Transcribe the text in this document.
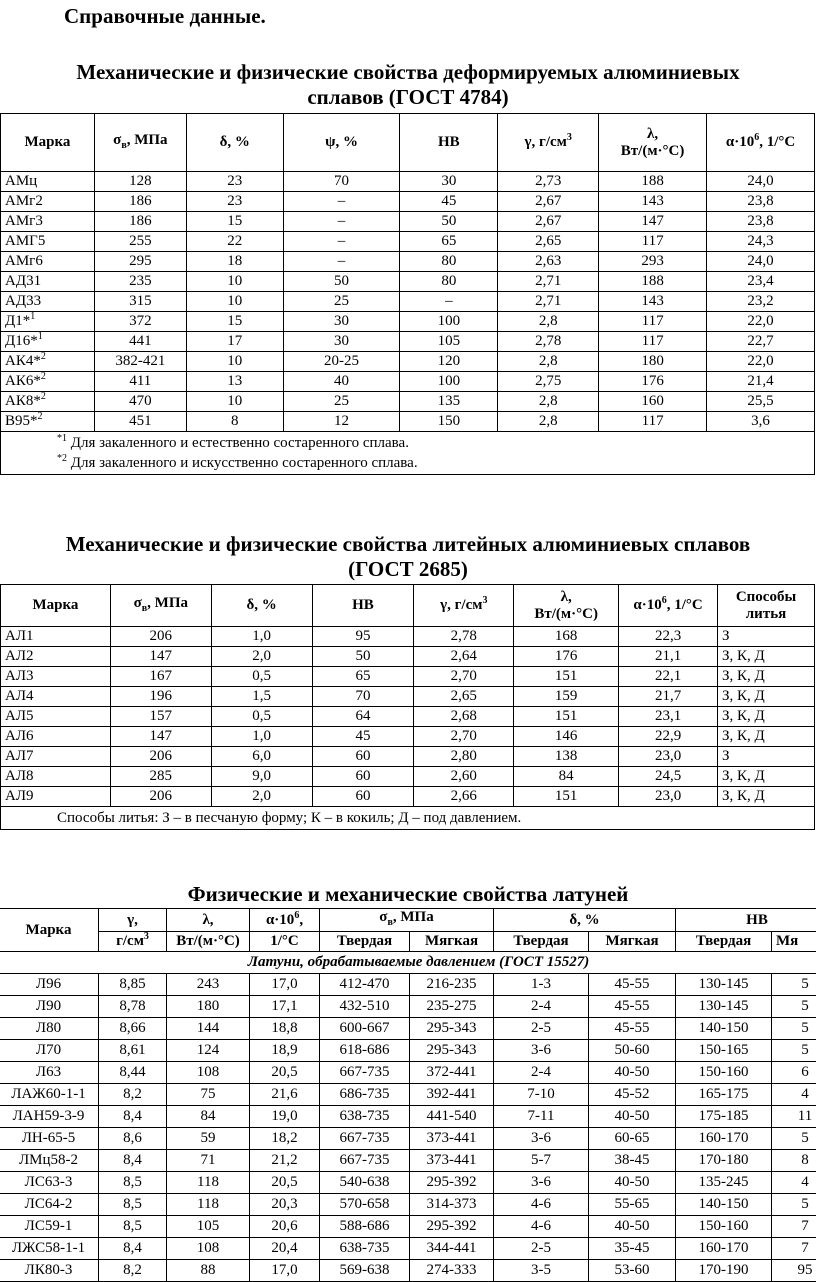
Справочные данные.
Механические и физические свойства деформируемых алюминиевых
сплавов (ГОСТ 4784)
Марка	$\sigma_в$, МПа	δ, %	ψ, %	HB	γ, $г/см^3$	λ,
Вт/(м·°С)	$\alpha\cdot 10^6$, 1/°С
АМц	128	23	70	30	2,73	188	24,0
АМг2	186	23	–	45	2,67	143	23,8
АМг3	186	15	–	50	2,67	147	23,8
АМГ5	255	22	–	65	2,65	117	24,3
АМг6	295	18	–	80	2,63	293	24,0
АД31	235	10	50	80	2,71	188	23,4
АД33	315	10	25	–	2,71	143	23,2
Д1*$^1$	372	15	30	100	2,8	117	22,0
Д16*$^1$	441	17	30	105	2,78	117	22,7
АК4*$^2$	382-421	10	20-25	120	2,8	180	22,0
АК6*$^2$	411	13	40	100	2,75	176	21,4
АК8*$^2$	470	10	25	135	2,8	160	25,5
В95*$^2$	451	8	12	150	2,8	117	3,6

$^{*1}$ Для закаленного и естественно состаренного сплава.
$^{*2}$ Для закаленного и искусственно состаренного сплава.							
Механические и физические свойства литейных алюминиевых сплавов
(ГОСТ 2685)
Марка	$\sigma_в$, МПа	δ, %	HB	γ, $г/см^3$	λ,
Вт/(м·°С)	$\alpha\cdot 10^6$, 1/°С	Способы
литья
АЛ1	206	1,0	95	2,78	168	22,3	З
АЛ2	147	2,0	50	2,64	176	21,1	З, К, Д
АЛ3	167	0,5	65	2,70	151	22,1	З, К, Д
АЛ4	196	1,5	70	2,65	159	21,7	З, К, Д
АЛ5	157	0,5	64	2,68	151	23,1	З, К, Д
АЛ6	147	1,0	45	2,70	146	22,9	З, К, Д
АЛ7	206	6,0	60	2,80	138	23,0	З
АЛ8	285	9,0	60	2,60	84	24,5	З, К, Д
АЛ9	206	2,0	60	2,66	151	23,0	З, К, Д
Способы литья: З – в песчаную форму; К – в кокиль; Д – под давлением.							
Физические и механические свойства латуней
Марка	γ,	λ,	$\alpha\cdot 10^6$,	$\sigma_в$, МПа		δ, %		HB	
	$г/см^3$	Вт/(м·°С)	1/°С	Твердая	Мягкая	Твердая	Мягкая	Твердая	Мя
Латуни, обрабатываемые давлением (ГОСТ 15527)									
Л96	8,85	243	17,0	412-470	216-235	1-3	45-55	130-145	5
Л90	8,78	180	17,1	432-510	235-275	2-4	45-55	130-145	5
Л80	8,66	144	18,8	600-667	295-343	2-5	45-55	140-150	5
Л70	8,61	124	18,9	618-686	295-343	3-6	50-60	150-165	5
Л63	8,44	108	20,5	667-735	372-441	2-4	40-50	150-160	6
ЛАЖ60-1-1	8,2	75	21,6	686-735	392-441	7-10	45-52	165-175	4
ЛАН59-3-9	8,4	84	19,0	638-735	441-540	7-11	40-50	175-185	11
ЛН-65-5	8,6	59	18,2	667-735	373-441	3-6	60-65	160-170	5
ЛМц58-2	8,4	71	21,2	667-735	373-441	5-7	38-45	170-180	8
ЛС63-3	8,5	118	20,5	540-638	295-392	3-6	40-50	135-245	4
ЛС64-2	8,5	118	20,3	570-658	314-373	4-6	55-65	140-150	5
ЛС59-1	8,5	105	20,6	588-686	295-392	4-6	40-50	150-160	7
ЛЖС58-1-1	8,4	108	20,4	638-735	344-441	2-5	35-45	160-170	7
ЛК80-3	8,2	88	17,0	569-638	274-333	3-5	53-60	170-190	95
